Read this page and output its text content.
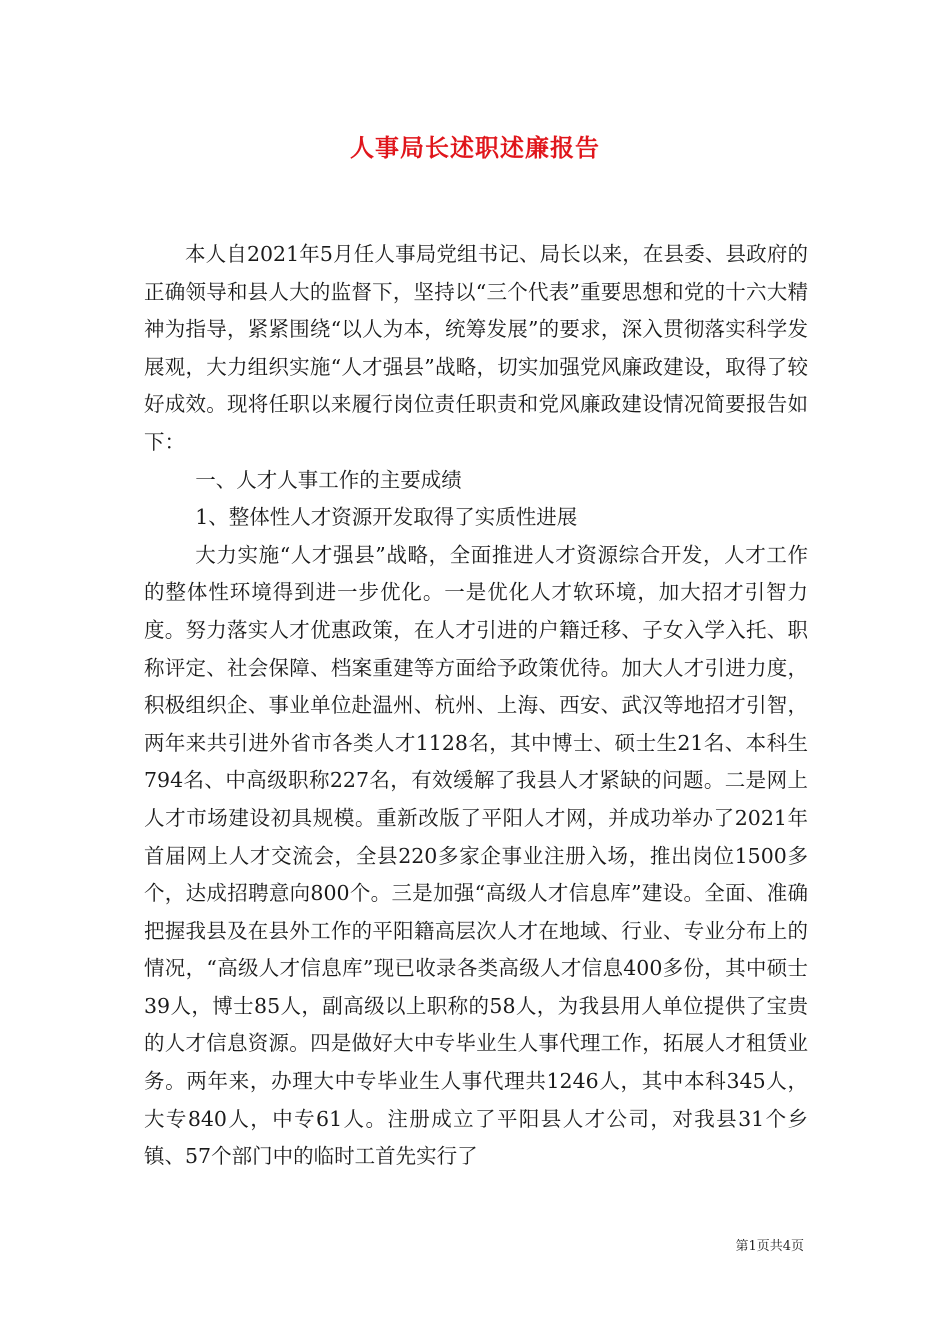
人事局长述职述廉报告

本人自2021年5月任人事局党组书记、局长以来，在县委、县政府的正确领导和县人大的监督下，坚持以“三个代表”重要思想和党的十六大精神为指导，紧紧围绕“以人为本，统筹发展”的要求，深入贯彻落实科学发展观，大力组织实施“人才强县”战略，切实加强党风廉政建设，取得了较好成效。现将任职以来履行岗位责任职责和党风廉政建设情况简要报告如下：

一、人才人事工作的主要成绩

1、整体性人才资源开发取得了实质性进展

大力实施“人才强县”战略，全面推进人才资源综合开发，人才工作的整体性环境得到进一步优化。一是优化人才软环境，加大招才引智力度。努力落实人才优惠政策，在人才引进的户籍迁移、子女入学入托、职称评定、社会保障、档案重建等方面给予政策优待。加大人才引进力度，积极组织企、事业单位赴温州、杭州、上海、西安、武汉等地招才引智，两年来共引进外省市各类人才1128名，其中博士、硕士生21名、本科生794名、中高级职称227名，有效缓解了我县人才紧缺的问题。二是网上人才市场建设初具规模。重新改版了平阳人才网，并成功举办了2021年首届网上人才交流会，全县220多家企事业注册入场，推出岗位1500多个，达成招聘意向800个。三是加强“高级人才信息库”建设。全面、准确把握我县及在县外工作的平阳籍高层次人才在地域、行业、专业分布上的情况，“高级人才信息库”现已收录各类高级人才信息400多份，其中硕士39人，博士85人，副高级以上职称的58人，为我县用人单位提供了宝贵的人才信息资源。四是做好大中专毕业生人事代理工作，拓展人才租赁业务。两年来，办理大中专毕业生人事代理共1246人，其中本科345人，大专840人，中专61人。注册成立了平阳县人才公司，对我县31个乡镇、57个部门中的临时工首先实行了

第1页共4页
